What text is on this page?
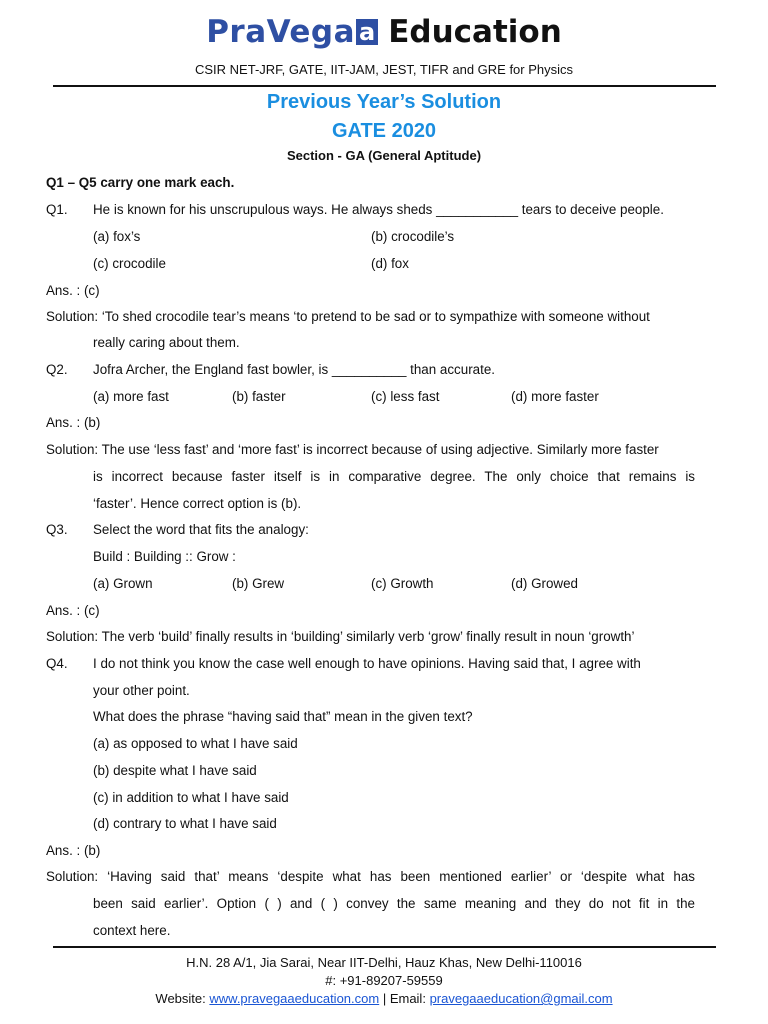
PraVega a Education
CSIR NET-JRF, GATE, IIT-JAM, JEST, TIFR and GRE for Physics
Previous Year’s Solution
GATE 2020
Section - GA (General Aptitude)
Q1 – Q5 carry one mark each.
Q1. He is known for his unscrupulous ways. He always sheds ___________ tears to deceive people.
(a) fox’s	(b) crocodile’s
(c) crocodile	(d) fox
Ans. : (c)
Solution: ‘To shed crocodile tear’s means ‘to pretend to be sad or to sympathize with someone without
really caring about them.
Q2. Jofra Archer, the England fast bowler, is __________ than accurate.
(a) more fast	(b) faster	(c) less fast	(d) more faster
Ans. : (b)
Solution: The use ‘less fast’ and ‘more fast’ is incorrect because of using adjective. Similarly more faster
is incorrect because faster itself is in comparative degree. The only choice that remains is
‘faster’. Hence correct option is (b).
Q3. Select the word that fits the analogy:
Build : Building :: Grow :
(a) Grown	(b) Grew	(c) Growth	(d) Growed
Ans. : (c)
Solution: The verb ‘build’ finally results in ‘building’ similarly verb ‘grow’ finally result in noun ‘growth’
Q4. I do not think you know the case well enough to have opinions. Having said that, I agree with
your other point.
What does the phrase “having said that” mean in the given text?
(a) as opposed to what I have said
(b) despite what I have said
(c) in addition to what I have said
(d) contrary to what I have said
Ans. : (b)
Solution: ‘Having said that’ means ‘despite what has been mentioned earlier’ or ‘despite what has
been said earlier’. Option ( ) and ( ) convey the same meaning and they do not fit in the
context here.
H.N. 28 A/1, Jia Sarai, Near IIT-Delhi, Hauz Khas, New Delhi-110016
#: +91-89207-59559
Website: www.pravegaaeducation.com | Email: pravegaaeducation@gmail.com
